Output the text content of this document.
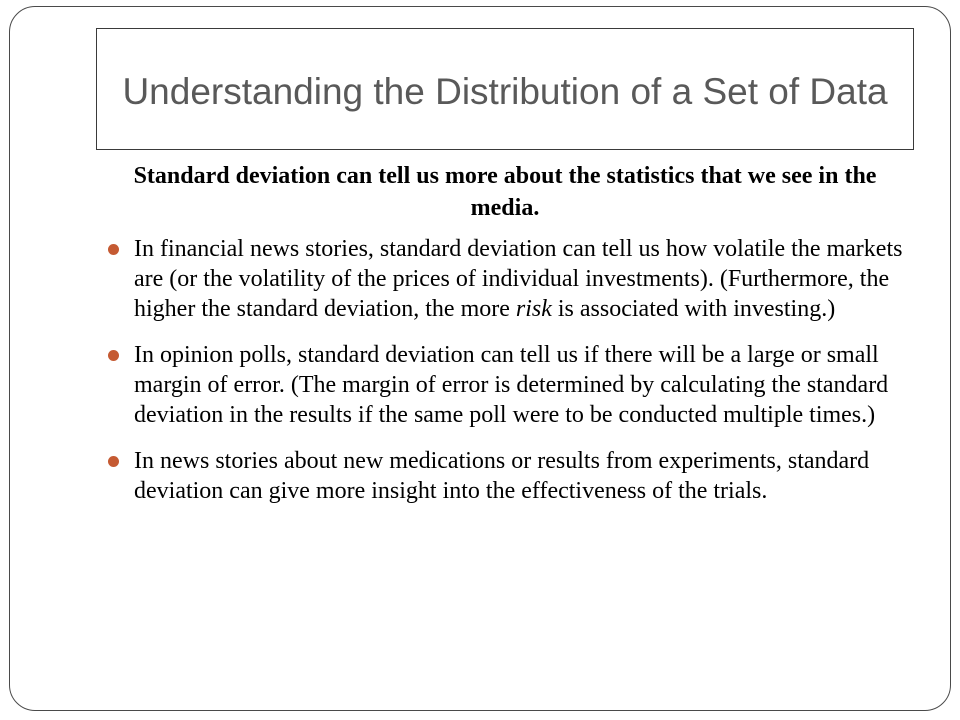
Understanding the Distribution of a Set of Data
Standard deviation can tell us more about the statistics that we see in the media.
In financial news stories, standard deviation can tell us how volatile the markets are (or the volatility of the prices of individual investments). (Furthermore, the higher the standard deviation, the more risk is associated with investing.)
In opinion polls, standard deviation can tell us if there will be a large or small margin of error. (The margin of error is determined by calculating the standard deviation in the results if the same poll were to be conducted multiple times.)
In news stories about new medications or results from experiments, standard deviation can give more insight into the effectiveness of the trials.
